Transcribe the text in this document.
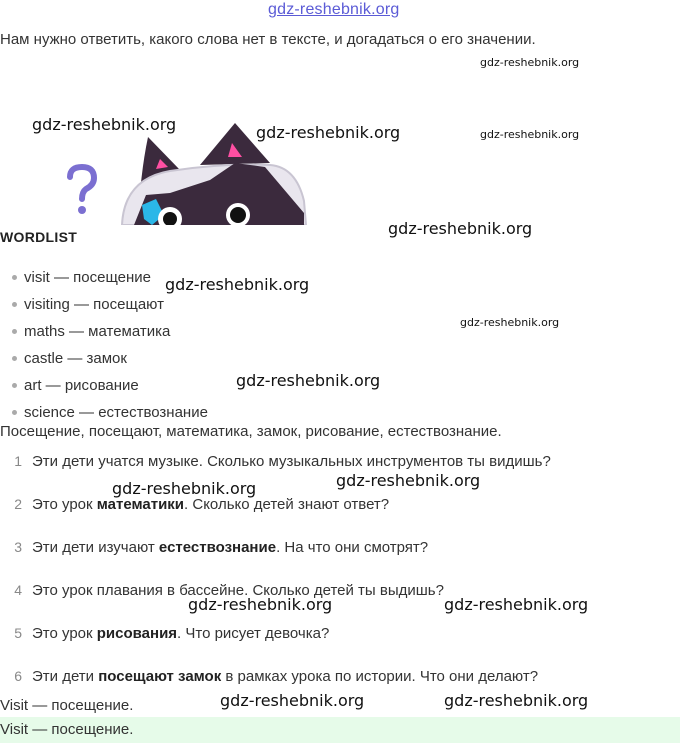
gdz-reshebnik.org
Нам нужно ответить, какого слова нет в тексте, и догадаться о его значении.
gdz-reshebnik.org
gdz-reshebnik.org	gdz-reshebnik.org	gdz-reshebnik.org
WORDLIST	gdz-reshebnik.org
visit — посещение
visiting — посещают
maths — математика
castle — замок
art — рисование
science — естествознание
gdz-reshebnik.org
gdz-reshebnik.org
gdz-reshebnik.org
Посещение, посещают, математика, замок, рисование, естествознание.
1 Эти дети учатся музыке. Сколько музыкальных инструментов ты видишь?
gdz-reshebnik.org	gdz-reshebnik.org
2 Это урок математики. Сколько детей знают ответ?
3 Эти дети изучают естествознание. На что они смотрят?
4 Это урок плавания в бассейне. Сколько детей ты выдишь?
gdz-reshebnik.org	gdz-reshebnik.org
5 Это урок рисования. Что рисует девочка?
6 Эти дети посещают замок в рамках урока по истории. Что они делают?
Visit — посещение.	gdz-reshebnik.org	gdz-reshebnik.org
Visit — посещение.
